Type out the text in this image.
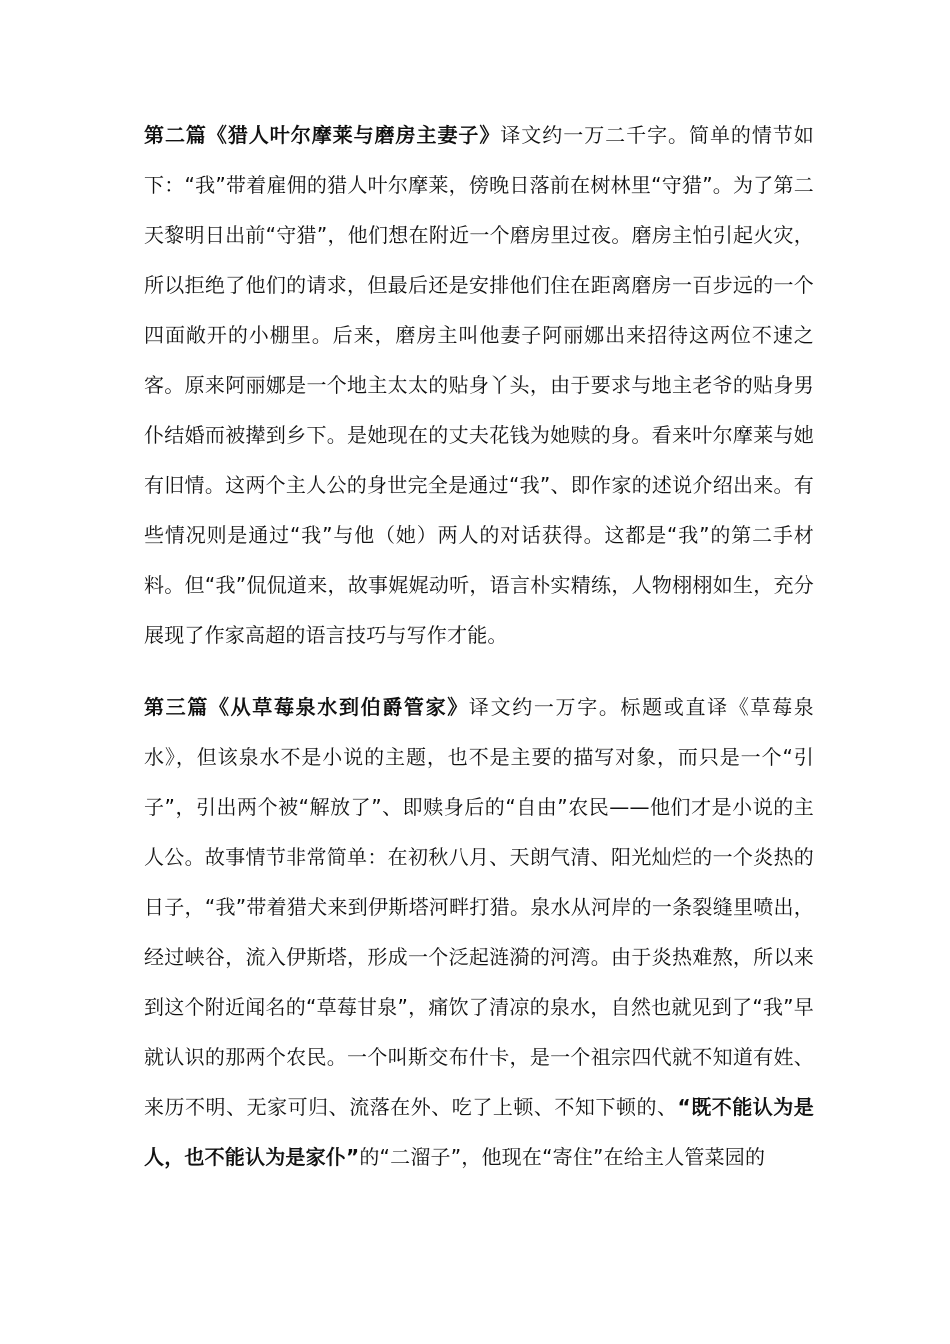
第二篇《猎人叶尔摩莱与磨房主妻子》译文约一万二千字。简单的情节如下：“我”带着雇佣的猎人叶尔摩莱，傍晚日落前在树林里“守猎”。为了第二天黎明日出前“守猎”，他们想在附近一个磨房里过夜。磨房主怕引起火灾，所以拒绝了他们的请求，但最后还是安排他们住在距离磨房一百步远的一个四面敞开的小棚里。后来，磨房主叫他妻子阿丽娜出来招待这两位不速之客。原来阿丽娜是一个地主太太的贴身丫头，由于要求与地主老爷的贴身男仆结婚而被撵到乡下。是她现在的丈夫花钱为她赎的身。看来叶尔摩莱与她有旧情。这两个主人公的身世完全是通过“我”、即作家的述说介绍出来。有些情况则是通过“我”与他（她）两人的对话获得。这都是“我”的第二手材料。但“我”侃侃道来，故事娓娓动听，语言朴实精练，人物栩栩如生，充分展现了作家高超的语言技巧与写作才能。

第三篇《从草莓泉水到伯爵管家》译文约一万字。标题或直译《草莓泉水》，但该泉水不是小说的主题，也不是主要的描写对象，而只是一个“引子”，引出两个被“解放了”、即赎身后的“自由”农民——他们才是小说的主人公。故事情节非常简单：在初秋八月、天朗气清、阳光灿烂的一个炎热的日子，“我”带着猎犬来到伊斯塔河畔打猎。泉水从河岸的一条裂缝里喷出，经过峡谷，流入伊斯塔，形成一个泛起涟漪的河湾。由于炎热难熬，所以来到这个附近闻名的“草莓甘泉”，痛饮了清凉的泉水，自然也就见到了“我”早就认识的那两个农民。一个叫斯交布什卡，是一个祖宗四代就不知道有姓、来历不明、无家可归、流落在外、吃了上顿、不知下顿的、“既不能认为是人，也不能认为是家仆”的“二溜子”，他现在“寄住”在给主人管菜园的
